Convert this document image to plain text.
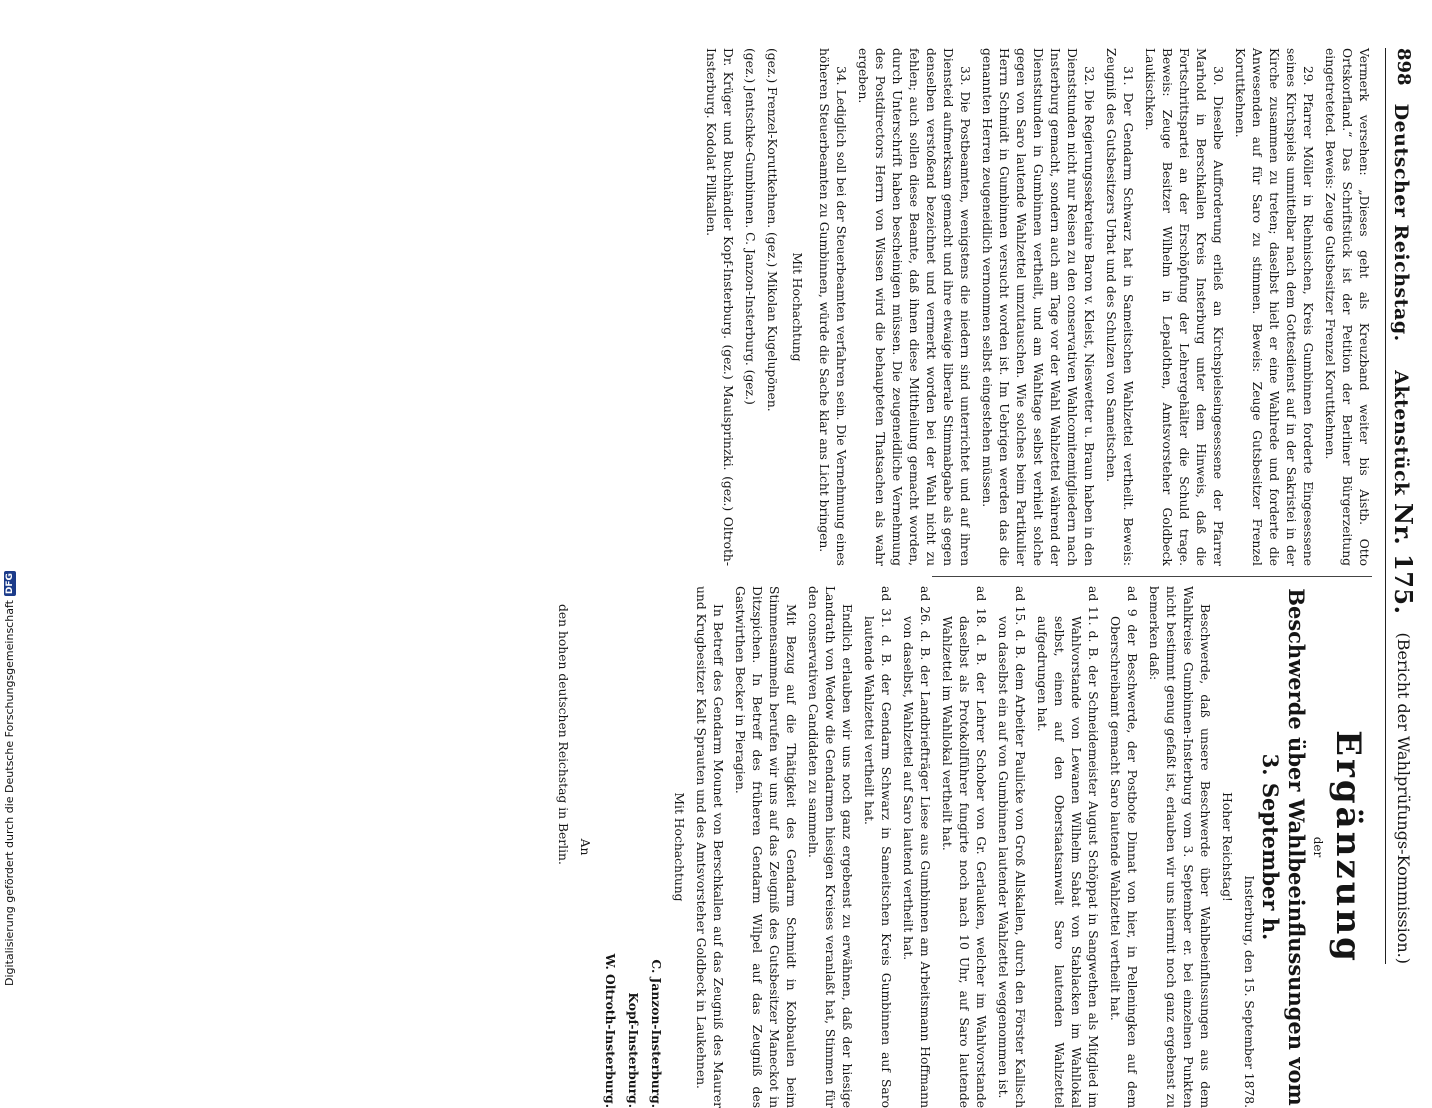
898
Deutscher Reichstag.    Aktenstück Nr. 175.
(Bericht der Wahlprüfungs-Kommission.)

Vermerk versehen: „Dieses geht als Kreuzband weiter bis Aistb. Otto Ortskorfland.“ Das Schriftstück ist der Petition der Berliner Bürgerzeitung eingetreteted. Beweis: Zeuge Gutsbesitzer Frenzel Koruttkehnen.

29. Pfarrer Möller in Riehnischen, Kreis Gumbinnen forderte Eingesessene seines Kirchspiels unmittelbar nach dem Gottesdienst auf in der Sakristei in der Kirche zusammen zu treten; daselbst hielt er eine Wahlrede und forderte die Anwesenden auf für Saro zu stimmen. Beweis: Zeuge Gutsbesitzer Frenzel Koruttkehnen.

30. Dieselbe Aufforderung erließ an Kirchspielseingesessene der Pfarrer Marhold in Berschkallen Kreis Insterburg unter dem Hinweis, daß die Fortschrittspartei an der Erschöpfung der Lehrergehälter die Schuld trage. Beweis: Zeuge Besitzer Wilhelm in Lepalothen, Amtsvorsteher Goldbeck Laukischken.

31. Der Gendarm Schwarz hat in Sameitschen Wahlzettel vertheilt. Beweis: Zeugniß des Gutsbesitzers Urbat und des Schulzen von Sameitschen.

32. Die Regierungssekretaire Baron v. Kleist, Nieswetter u. Braun haben in den Dienststunden nicht nur Reisen zu den conservativen Wahlcomitemitgliedern nach Insterburg gemacht, sondern auch am Tage vor der Wahl Wahlzettel während der Dienststunden in Gumbinnen vertheilt, und am Wahltage selbst verhielt solche gegen von Saro lautende Wahlzettel umzutauschen. Wie solches beim Partikulier Herrn Schmidt in Gumbinnen versucht worden ist. Im Uebrigen werden das die genannten Herren zeugeneidlich vernommen selbst eingestehen müssen.

33. Die Postbeamten, wenigstens die niedern sind unterrichtet und auf ihren Diensteid aufmerksam gemacht und ihre etwaige liberale Stimmabgabe als gegen denselben verstoßend bezeichnet und vermerkt worden bei der Wahl nicht zu fehlen; auch sollen diese Beamte, daß ihnen diese Mittheilung gemacht worden, durch Unterschrift haben bescheinigen müssen. Die zeugeneidliche Vernehmung des Postdirectors Herrn von Wissen wird die behaupteten Thatsachen als wahr ergeben.

34. Lediglich soll bei der Steuerbeamten verfahren sein. Die Vernehmung eines höheren Steuerbeamten zu Gumbinnen, würde die Sache klar ans Licht bringen.

Mit Hochachtung

(gez.) Frenzel-Koruttkehnen. (gez.) Mikolan Kugelupönen.

(gez.) Jentschke-Gumbinnen. C. Janzon-Insterburg. (gez.)

Dr. Krüger und Buchhändler Kopf-Insterburg. (gez.) Maulsprinzki. (gez.) Oltroth-Insterburg. Kodolat Pillkallen.

Ergänzung
der
Beschwerde über Wahlbeeinflussungen vom 3. September h.

Insterburg, den 15. September 1878.

Hoher Reichstag!

Beschwerde, daß unsere Beschwerde über Wahlbeeinflussungen aus dem Wahlkreise Gumbinnen-Insterburg vom 3. September er. bei einzelnen Punkten nicht bestimmt genug gefaßt ist, erlauben wir uns hiermit noch ganz ergebenst zu bemerken daß:

ad 9 der Beschwerde, der Postbote Dinnat von hier, in Pelleningken auf dem Oberschreibamt gemacht Saro lautende Wahlzettel vertheilt hat.

ad 11. d. B. der Schneidemeister August Schöppat in Sangwethen als Mitglied im Wahlvorstande von Lewanen Wilhelm Sabat von Stablacken im Wahllokal selbst, einen auf den Oberstaatsanwalt Saro lautenden Wahlzettel aufgedrungen hat.

ad 15. d. B. dem Arbeiter Paulicke von Groß Allskallen, durch den Förster Kallisch von daselbst ein auf von Gumbinnen lautender Wahlzettel weggenommen ist.

ad 18. d. B. der Lehrer Schober von Gr. Gerlauken, welcher im Wahlvorstande daselbst als Protokollführer fungirte noch nach 10 Uhr, auf Saro lautende Wahlzettel im Wahllokal vertheilt hat.

ad 26. d. B. der Landbriefträger Liese aus Gumbinnen am Arbeitsmann Hoffmann von daselbst, Wahlzettel auf Saro lautend vertheilt hat.

ad 31. d. B. der Gendarm Schwarz in Sameitschen Kreis Gumbinnen auf Saro lautende Wahlzettel vertheilt hat.

Endlich erlauben wir uns noch ganz ergebenst zu erwähnen, daß der hiesige Landrath von Wedow die Gendarmen hiesigen Kreises veranlaßt hat, Stimmen für den conservativen Candidaten zu sammeln.

Mit Bezug auf die Thätigkeit des Gendarm Schmidt in Kobbaulen beim Stimmensammeln berufen wir uns auf das Zeugniß des Gutsbesitzer Maneckot in Ditzspichen. In Betreff des früheren Gendarm Wilpel auf das Zeugniß des Gastwirthen Becker in Pieragien.

In Betreff des Gendarm Mounet von Berschkallen auf das Zeugniß des Maurer und Krugbesitzer Kalt Sprauten und des Amtsvorsteher Goldbeck in Laukehnen.

Mit Hochachtung

C. Janzon-Insterburg.

Kopf-Insterburg.

W. Oltroth-Insterburg.

An

den hohen deutschen Reichstag in Berlin.

Digitalisierung gefördert durch die Deutsche Forschungsgemeinschaft
DFG
